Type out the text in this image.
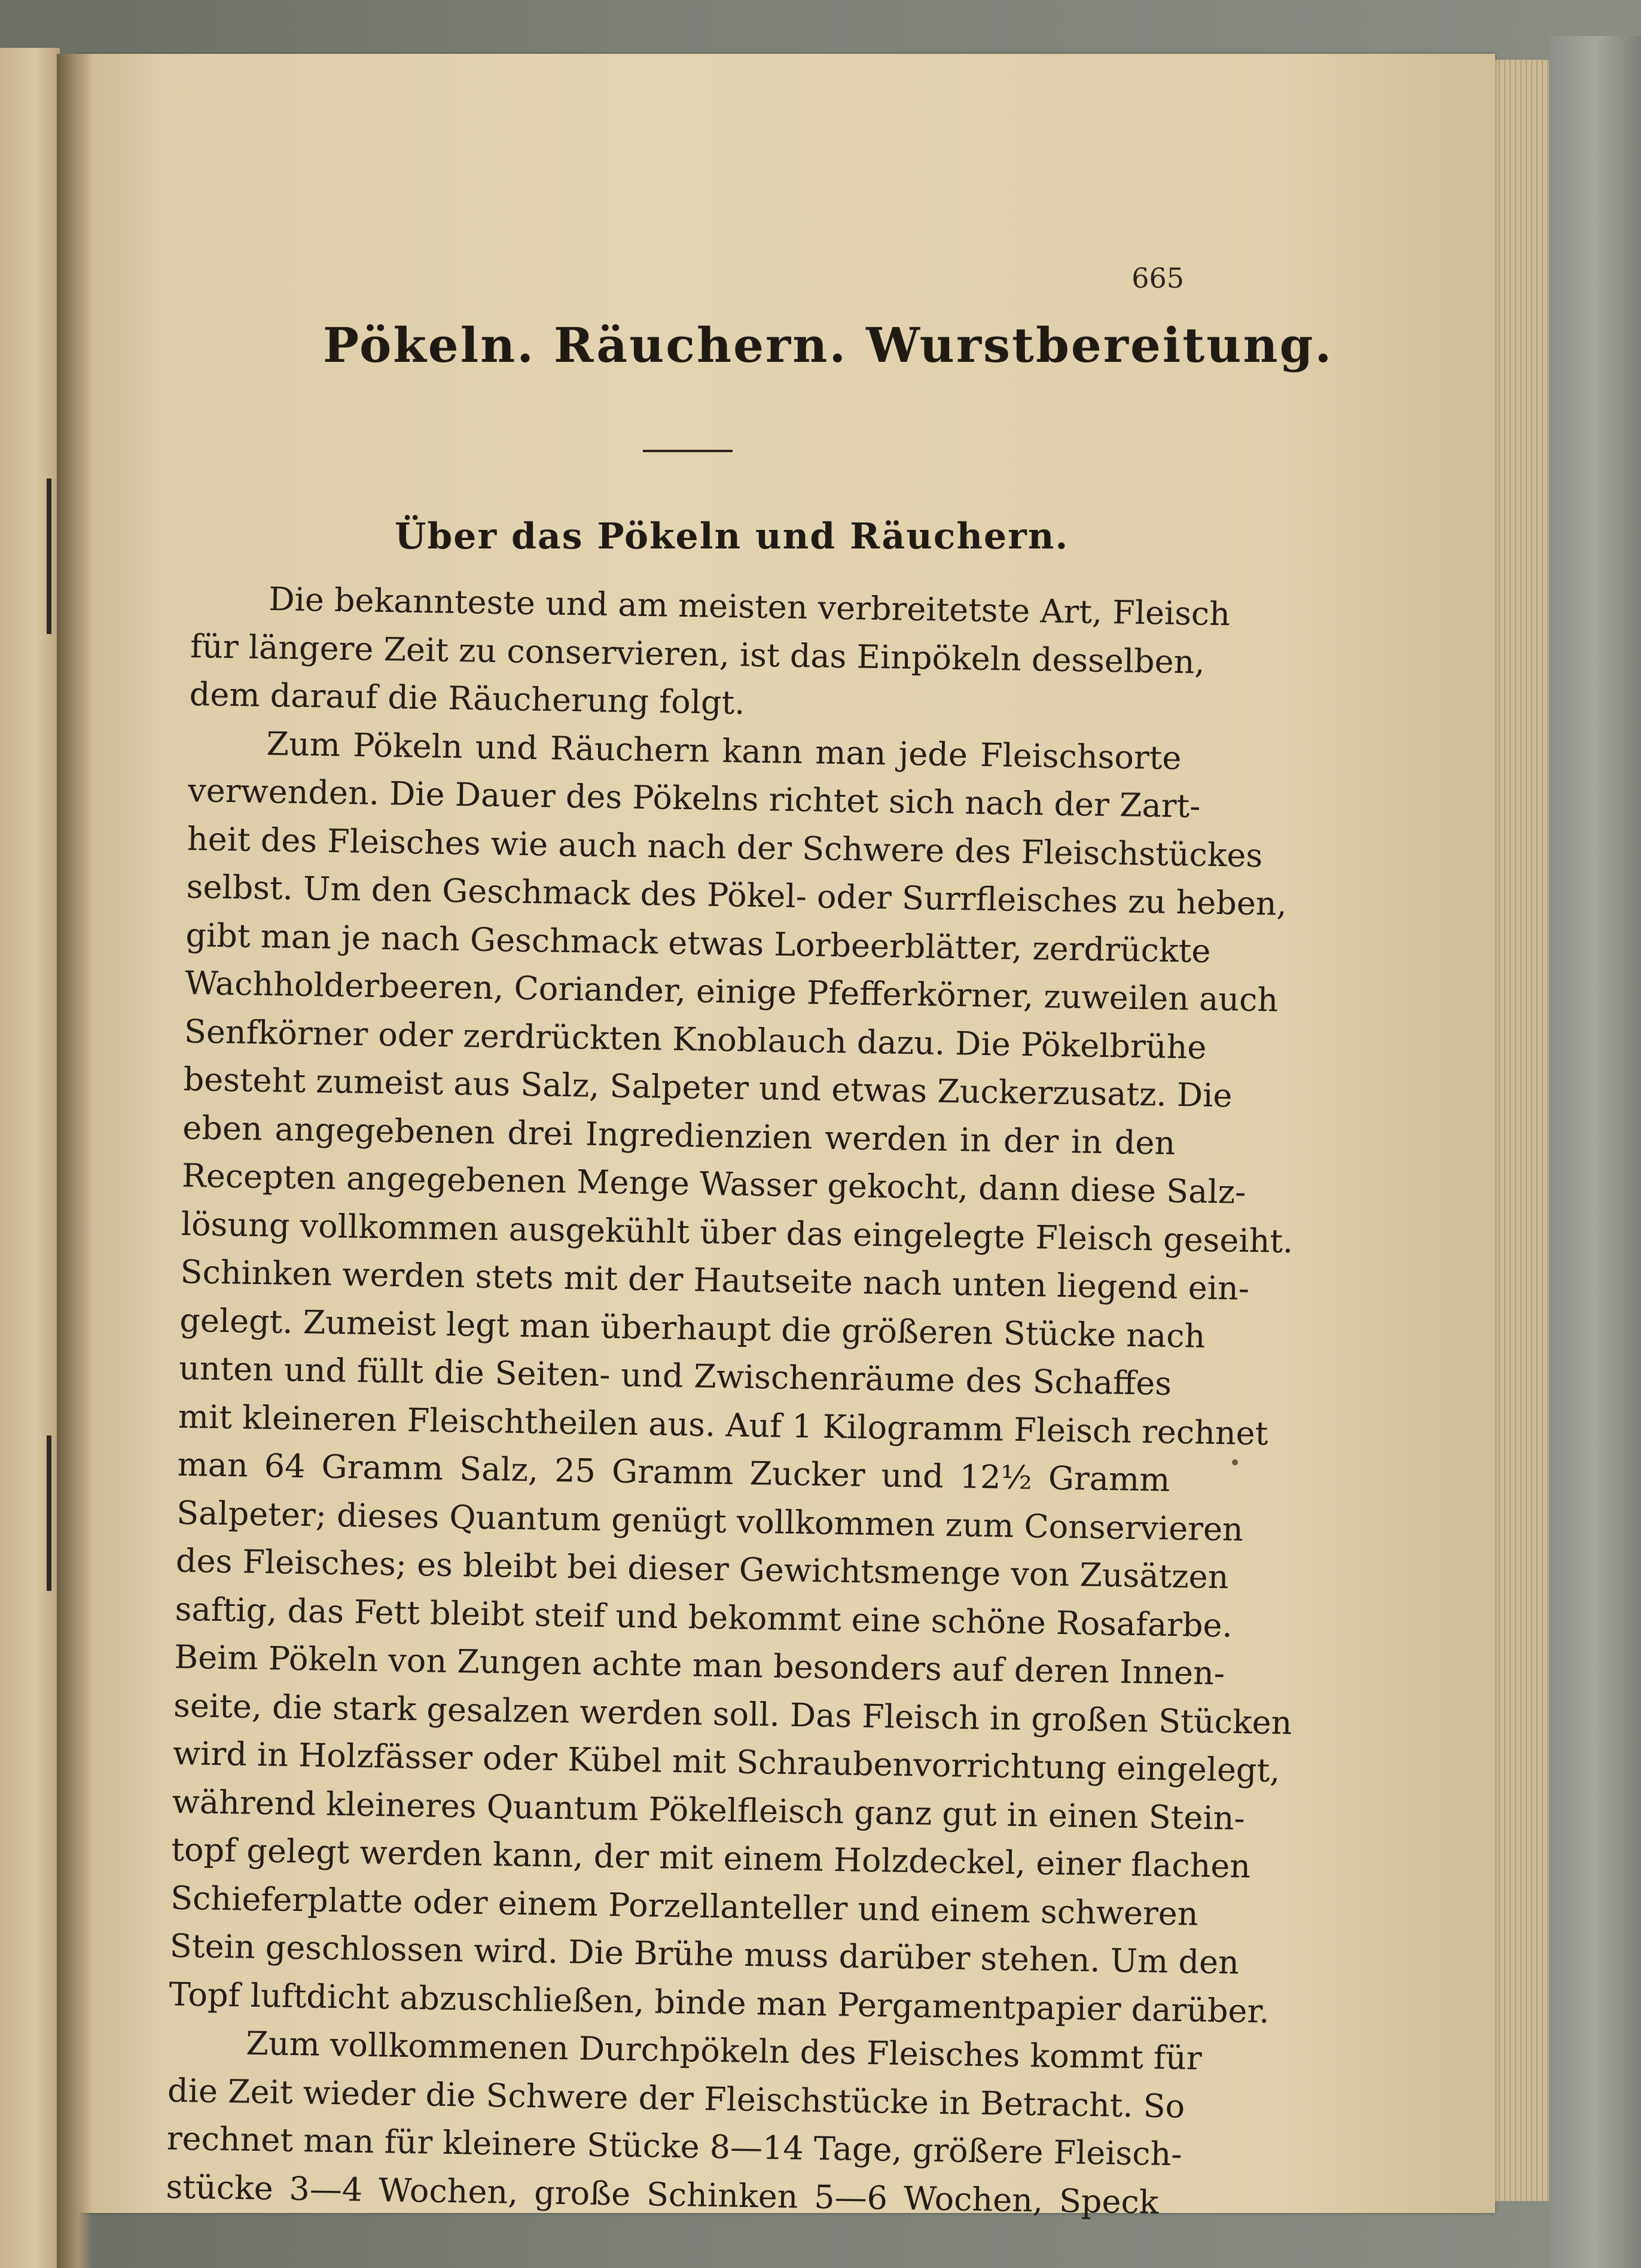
665
Pökeln. Räuchern. Wurstbereitung.
Über das Pökeln und Räuchern.
Die bekannteste und am meisten verbreitetste Art, Fleisch
für längere Zeit zu conservieren, ist das Einpökeln desselben,
dem darauf die Räucherung folgt.
Zum Pökeln und Räuchern kann man jede Fleischsorte
verwenden. Die Dauer des Pökelns richtet sich nach der Zart-
heit des Fleisches wie auch nach der Schwere des Fleischstückes
selbst. Um den Geschmack des Pökel- oder Surrfleisches zu heben,
gibt man je nach Geschmack etwas Lorbeerblätter, zerdrückte
Wachholderbeeren, Coriander, einige Pfefferkörner, zuweilen auch
Senfkörner oder zerdrückten Knoblauch dazu. Die Pökelbrühe
besteht zumeist aus Salz, Salpeter und etwas Zuckerzusatz. Die
eben angegebenen drei Ingredienzien werden in der in den
Recepten angegebenen Menge Wasser gekocht, dann diese Salz-
lösung vollkommen ausgekühlt über das eingelegte Fleisch geseiht.
Schinken werden stets mit der Hautseite nach unten liegend ein-
gelegt. Zumeist legt man überhaupt die größeren Stücke nach
unten und füllt die Seiten- und Zwischenräume des Schaffes
mit kleineren Fleischtheilen aus. Auf 1 Kilogramm Fleisch rechnet
man 64 Gramm Salz, 25 Gramm Zucker und 12½ Gramm
Salpeter; dieses Quantum genügt vollkommen zum Conservieren
des Fleisches; es bleibt bei dieser Gewichtsmenge von Zusätzen
saftig, das Fett bleibt steif und bekommt eine schöne Rosafarbe.
Beim Pökeln von Zungen achte man besonders auf deren Innen-
seite, die stark gesalzen werden soll. Das Fleisch in großen Stücken
wird in Holzfässer oder Kübel mit Schraubenvorrichtung eingelegt,
während kleineres Quantum Pökelfleisch ganz gut in einen Stein-
topf gelegt werden kann, der mit einem Holzdeckel, einer flachen
Schieferplatte oder einem Porzellanteller und einem schweren
Stein geschlossen wird. Die Brühe muss darüber stehen. Um den
Topf luftdicht abzuschließen, binde man Pergamentpapier darüber.
Zum vollkommenen Durchpökeln des Fleisches kommt für
die Zeit wieder die Schwere der Fleischstücke in Betracht. So
rechnet man für kleinere Stücke 8—14 Tage, größere Fleisch-
stücke 3—4 Wochen, große Schinken 5—6 Wochen, Speck
